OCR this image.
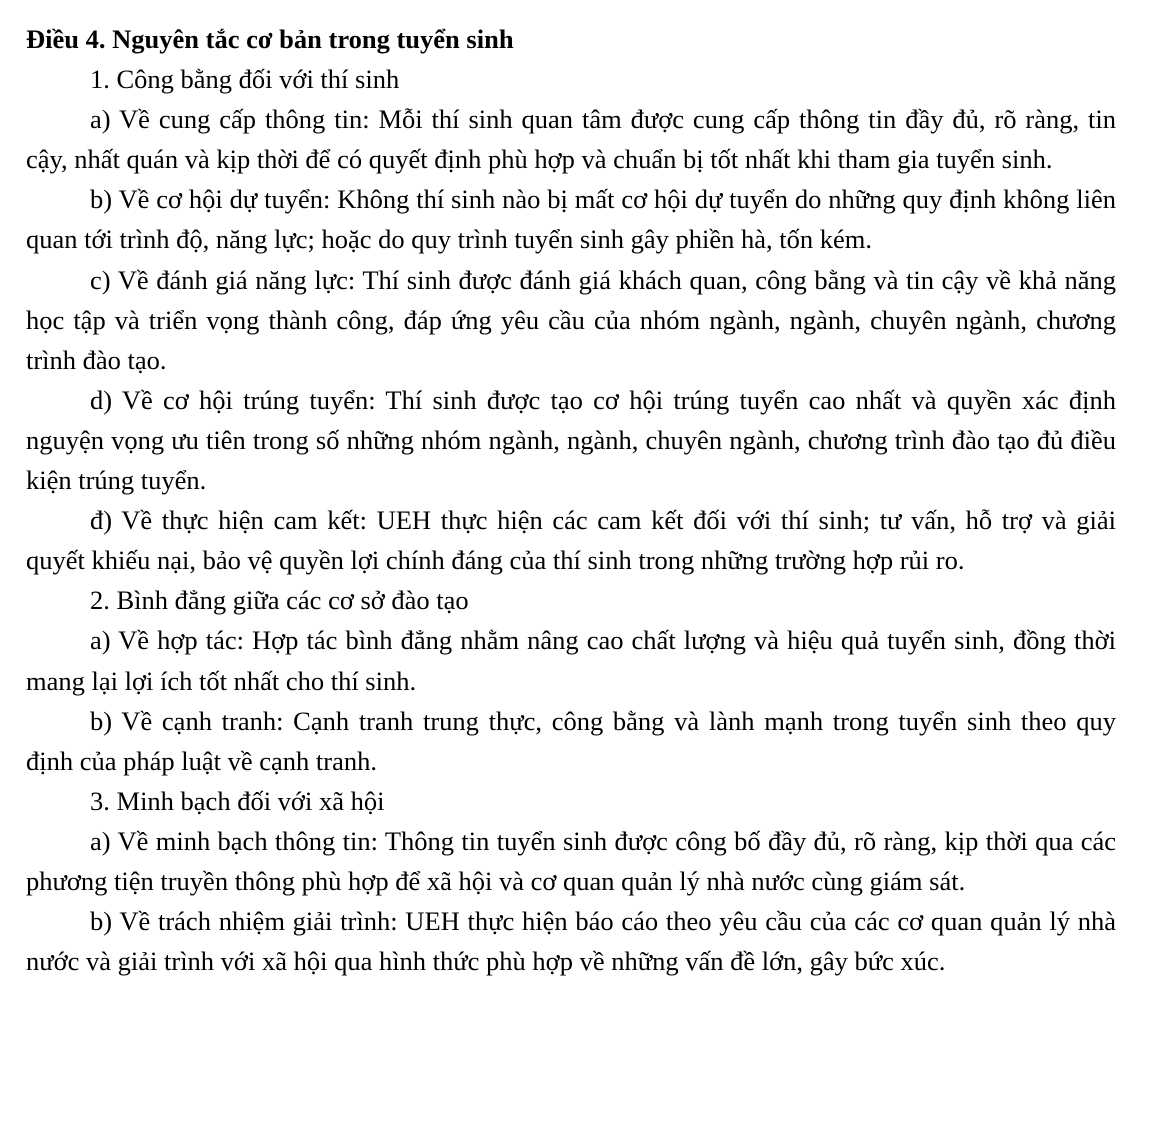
Điều 4. Nguyên tắc cơ bản trong tuyển sinh

1. Công bằng đối với thí sinh

a) Về cung cấp thông tin: Mỗi thí sinh quan tâm được cung cấp thông tin đầy đủ, rõ ràng, tin cậy, nhất quán và kịp thời để có quyết định phù hợp và chuẩn bị tốt nhất khi tham gia tuyển sinh.

b) Về cơ hội dự tuyển: Không thí sinh nào bị mất cơ hội dự tuyển do những quy định không liên quan tới trình độ, năng lực; hoặc do quy trình tuyển sinh gây phiền hà, tốn kém.

c) Về đánh giá năng lực: Thí sinh được đánh giá khách quan, công bằng và tin cậy về khả năng học tập và triển vọng thành công, đáp ứng yêu cầu của nhóm ngành, ngành, chuyên ngành, chương trình đào tạo.

d) Về cơ hội trúng tuyển: Thí sinh được tạo cơ hội trúng tuyển cao nhất và quyền xác định nguyện vọng ưu tiên trong số những nhóm ngành, ngành, chuyên ngành, chương trình đào tạo đủ điều kiện trúng tuyển.

đ) Về thực hiện cam kết: UEH thực hiện các cam kết đối với thí sinh; tư vấn, hỗ trợ và giải quyết khiếu nại, bảo vệ quyền lợi chính đáng của thí sinh trong những trường hợp rủi ro.

2. Bình đẳng giữa các cơ sở đào tạo

a) Về hợp tác: Hợp tác bình đẳng nhằm nâng cao chất lượng và hiệu quả tuyển sinh, đồng thời mang lại lợi ích tốt nhất cho thí sinh.

b) Về cạnh tranh: Cạnh tranh trung thực, công bằng và lành mạnh trong tuyển sinh theo quy định của pháp luật về cạnh tranh.

3. Minh bạch đối với xã hội

a) Về minh bạch thông tin: Thông tin tuyển sinh được công bố đầy đủ, rõ ràng, kịp thời qua các phương tiện truyền thông phù hợp để xã hội và cơ quan quản lý nhà nước cùng giám sát.

b) Về trách nhiệm giải trình: UEH thực hiện báo cáo theo yêu cầu của các cơ quan quản lý nhà nước và giải trình với xã hội qua hình thức phù hợp về những vấn đề lớn, gây bức xúc.
